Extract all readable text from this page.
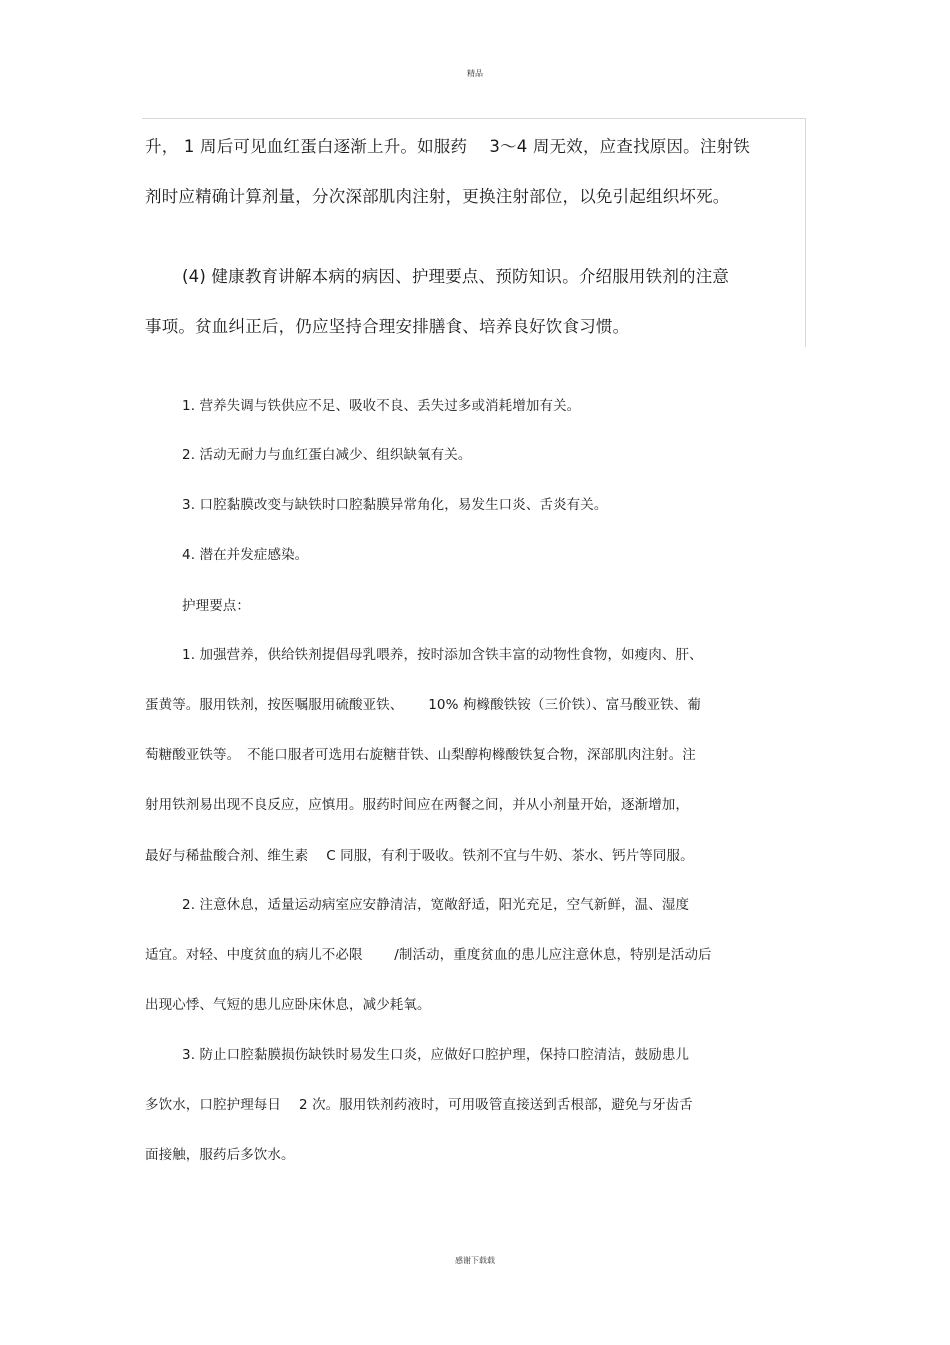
精品
升， 1 周后可见血红蛋白逐渐上升。如服药　 3～4 周无效，应查找原因。注射铁
剂时应精确计算剂量，分次深部肌肉注射，更换注射部位，以免引起组织坏死。
(4) 健康教育讲解本病的病因、护理要点、预防知识。介绍服用铁剂的注意
事项。贫血纠正后，仍应坚持合理安排膳食、培养良好饮食习惯。
1. 营养失调与铁供应不足、吸收不良、丢失过多或消耗增加有关。
2. 活动无耐力与血红蛋白减少、组织缺氧有关。
3. 口腔黏膜改变与缺铁时口腔黏膜异常角化，易发生口炎、舌炎有关。
4. 潜在并发症感染。
护理要点：
1. 加强营养，供给铁剂提倡母乳喂养，按时添加含铁丰富的动物性食物，如瘦肉、肝、
蛋黄等。服用铁剂，按医嘱服用硫酸亚铁、　　 10% 枸橼酸铁铵（三价铁）、富马酸亚铁、葡
萄糖酸亚铁等。　不能口服者可选用右旋糖苷铁、山梨醇枸橼酸铁复合物，深部肌肉注射。注
射用铁剂易出现不良反应，应慎用。服药时间应在两餐之间，并从小剂量开始，逐渐增加，
最好与稀盐酸合剂、维生素　 C 同服，有利于吸收。铁剂不宜与牛奶、茶水、钙片等同服。
2. 注意休息，适量运动病室应安静清洁，宽敞舒适，阳光充足，空气新鲜，温、湿度
适宜。对轻、中度贫血的病儿不必限　　 /制活动，重度贫血的患儿应注意休息，特别是活动后
出现心悸、气短的患儿应卧床休息，减少耗氧。
3. 防止口腔黏膜损伤缺铁时易发生口炎，应做好口腔护理，保持口腔清洁，鼓励患儿
多饮水，口腔护理每日　 2 次。服用铁剂药液时，可用吸管直接送到舌根部，避免与牙齿舌
面接触，服药后多饮水。
感谢下载载
